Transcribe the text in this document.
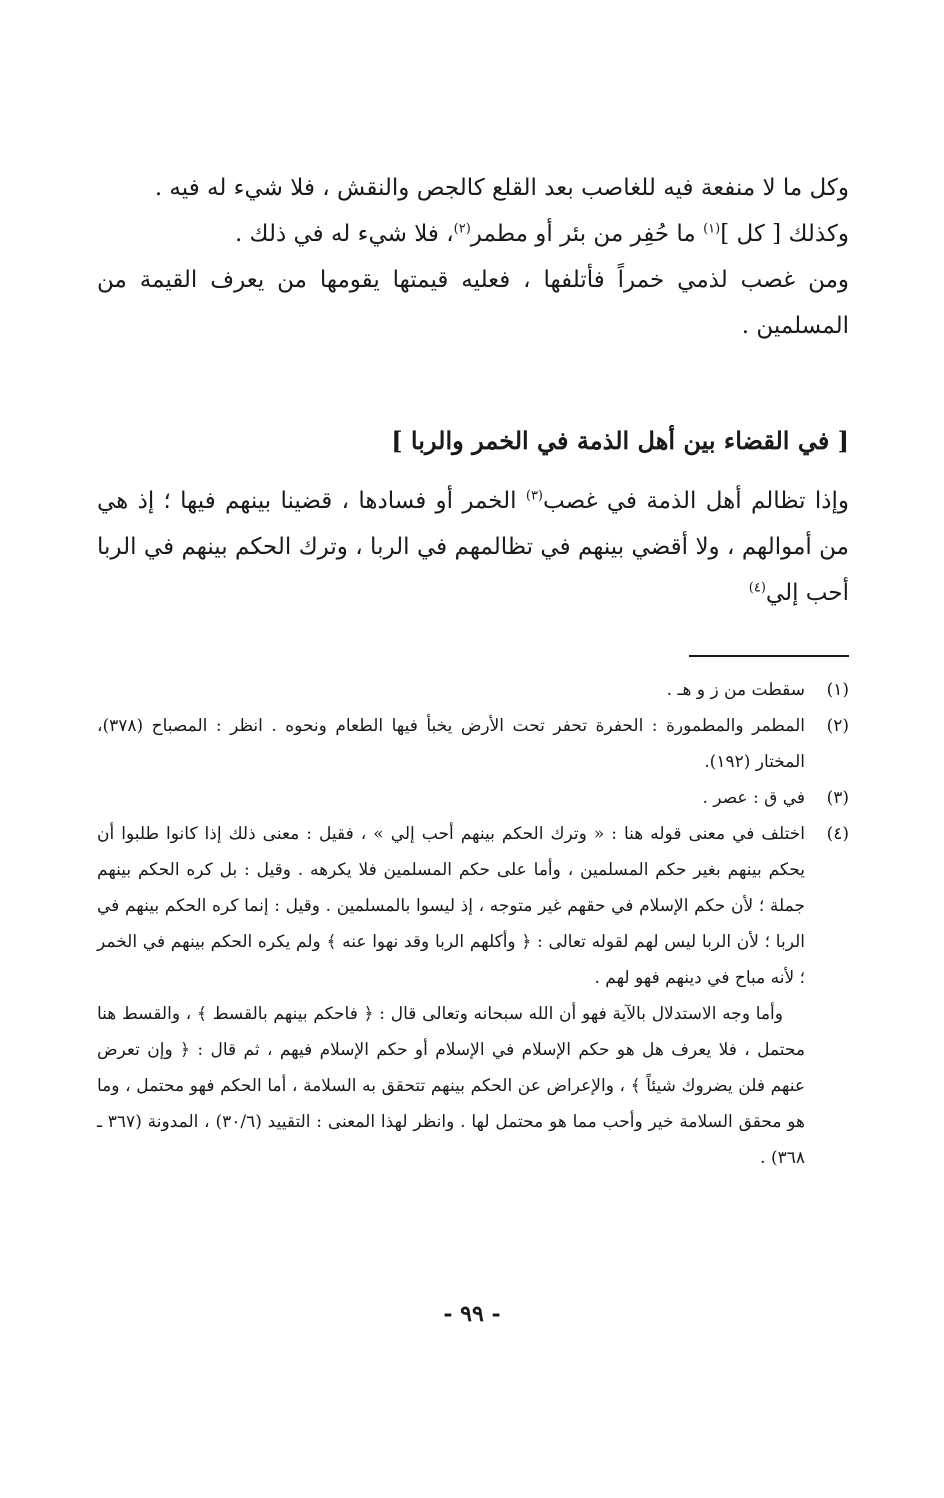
وكل ما لا منفعة فيه للغاصب بعد القلع كالجص والنقش ، فلا شيء له فيه .

وكذلك [ كل ]$^{(١)}$ ما حُفِر من بئر أو مطمر$^{(٢)}$، فلا شيء له في ذلك .

ومن غصب لذمي خمراً فأتلفها ، فعليه قيمتها يقومها من يعرف القيمة من المسلمين .

[ في القضاء بين أهل الذمة في الخمر والربا ]

وإذا تظالم أهل الذمة في غصب$^{(٣)}$ الخمر أو فسادها ، قضينا بينهم فيها ؛ إذ هي من أموالهم ، ولا أقضي بينهم في تظالمهم في الربا ، وترك الحكم بينهم في الربا أحب إلي$^{(٤)}$

(١)
سقطت من ز و هـ .
(٢)
المطمر والمطمورة : الحفرة تحفر تحت الأرض يخبأ فيها الطعام ونحوه . انظر : المصباح (٣٧٨)، المختار (١٩٢).
(٣)
في ق : عصر .
(٤)
اختلف في معنى قوله هنا : « وترك الحكم بينهم أحب إلي » ، فقيل : معنى ذلك إذا كانوا طلبوا أن يحكم بينهم بغير حكم المسلمين ، وأما على حكم المسلمين فلا يكرهه . وقيل : بل كره الحكم بينهم جملة ؛ لأن حكم الإسلام في حقهم غير متوجه ، إذ ليسوا بالمسلمين . وقيل : إنما كره الحكم بينهم في الربا ؛ لأن الربا ليس لهم لقوله تعالى : ﴿ وأكلهم الربا وقد نهوا عنه ﴾ ولم يكره الحكم بينهم في الخمر ؛ لأنه مباح في دينهم فهو لهم .

وأما وجه الاستدلال بالآية فهو أن الله سبحانه وتعالى قال : ﴿ فاحكم بينهم بالقسط ﴾ ، والقسط هنا محتمل ، فلا يعرف هل هو حكم الإسلام في الإسلام أو حكم الإسلام فيهم ، ثم قال : ﴿ وإن تعرض عنهم فلن يضروك شيئاً ﴾ ، والإعراض عن الحكم بينهم تتحقق به السلامة ، أما الحكم فهو محتمل ، وما هو محقق السلامة خير وأحب مما هو محتمل لها . وانظر لهذا المعنى : التقييد (٣٠/٦) ، المدونة (٣٦٧ ـ ٣٦٨) .

- ٩٩ -
